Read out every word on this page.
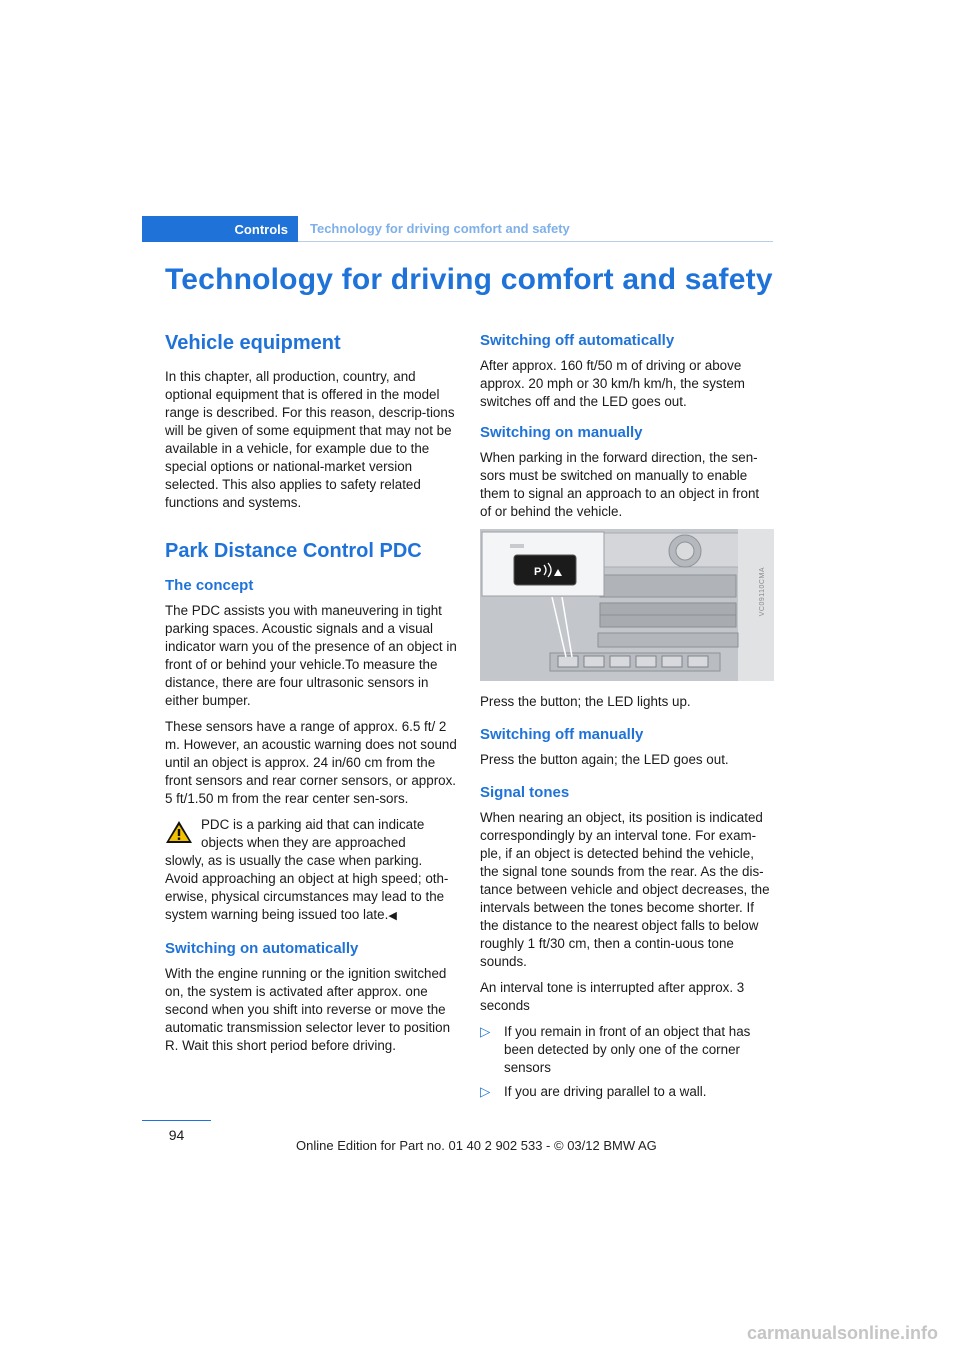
Controls	Technology for driving comfort and safety
Technology for driving comfort and safety
Vehicle equipment

In this chapter, all production, country, and optional equipment that is offered in the model range is described. For this reason, descrip-tions will be given of some equipment that may not be available in a vehicle, for example due to the special options or national-market version selected. This also applies to safety related functions and systems.

Park Distance Control PDC
The concept

The PDC assists you with maneuvering in tight parking spaces. Acoustic signals and a visual indicator warn you of the presence of an object in front of or behind your vehicle.To measure the distance, there are four ultrasonic sensors in either bumper.

These sensors have a range of approx. 6.5 ft/ 2 m. However, an acoustic warning does not sound until an object is approx. 24 in/60 cm from the front sensors and rear corner sensors, or approx. 5 ft/1.50 m from the rear center sen-sors.

PDC is a parking aid that can indicate objects when they are approached
slowly, as is usually the case when parking. Avoid approaching an object at high speed; oth-erwise, physical circumstances may lead to the system warning being issued too late.◀
Switching on automatically

With the engine running or the ignition switched on, the system is activated after approx. one second when you shift into reverse or move the automatic transmission selector lever to position R. Wait this short period before driving.

Switching off automatically

After approx. 160 ft/50 m of driving or above approx. 20 mph or 30 km/h km/h, the system switches off and the LED goes out.

Switching on manually

When parking in the forward direction, the sen-sors must be switched on manually to enable them to signal an approach to an object in front of or behind the vehicle.

P	VC09110CMA

Press the button; the LED lights up.

Switching off manually

Press the button again; the LED goes out.

Signal tones

When nearing an object, its position is indicated correspondingly by an interval tone. For exam-ple, if an object is detected behind the vehicle, the signal tone sounds from the rear. As the dis-tance between vehicle and object decreases, the intervals between the tones become shorter. If the distance to the nearest object falls to below roughly 1 ft/30 cm, then a contin-uous tone sounds.

An interval tone is interrupted after approx. 3 seconds

▷ If you remain in front of an object that has been detected by only one of the corner sensors
▷ If you are driving parallel to a wall.
94
Online Edition for Part no. 01 40 2 902 533 - © 03/12 BMW AG
carmanualsonline.info
